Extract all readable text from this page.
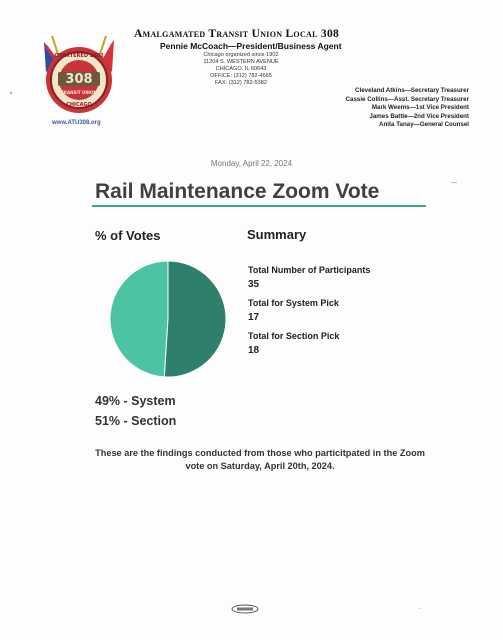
308
CHARTERED 1902
TRANSIT UNION
CHICAGO
www.ATU308.org
Amalgamated Transit Union Local 308
Pennie McCoach—President/Business Agent
Chicago organized since 1902
11204 S. WESTERN AVENUE
CHICAGO, IL 60643
OFFICE: (312) 782-4665
FAX: (312) 782-5382
Cleveland Atkins—Secretary Treasurer
Cassie Collins—Asst. Secretary Treasurer
Mark Weems—1st Vice President
James Battle—2nd Vice President
Anita Tanay—General Counsel
Monday, April 22, 2024
Rail Maintenance Zoom Vote
% of Votes	Summary
Total Number of Participants
35
Total for System Pick
17
Total for Section Pick
18
49% - System
51% - Section
These are the findings conducted from those who particitpated in the Zoom vote on Saturday, April 20th, 2024.
